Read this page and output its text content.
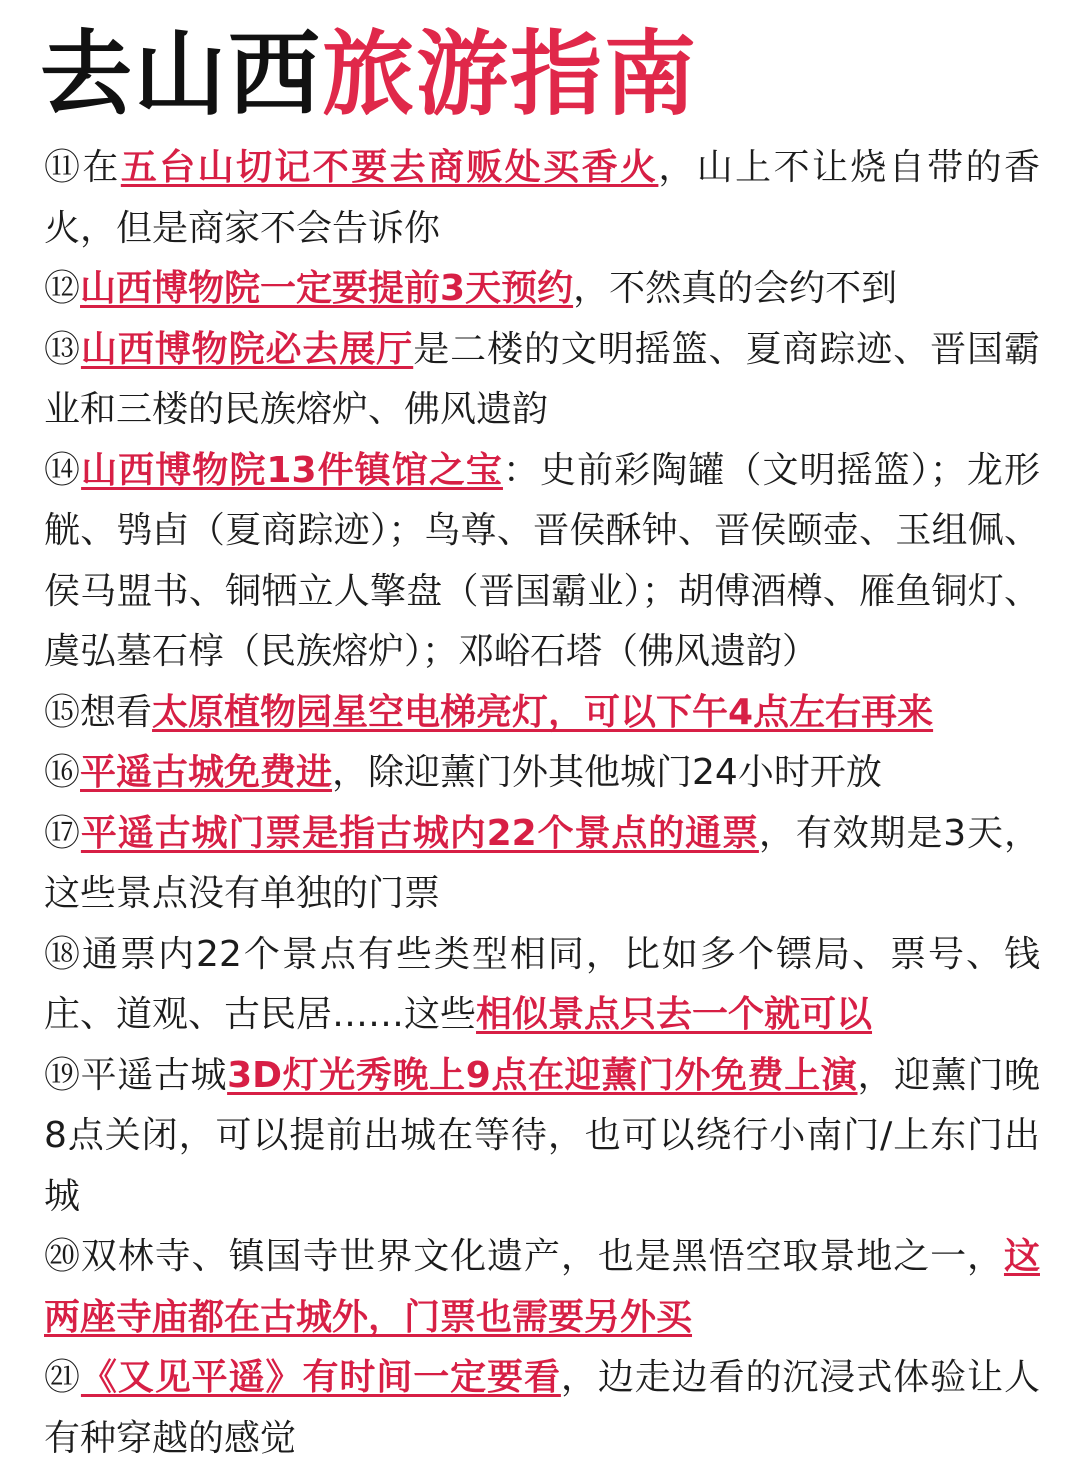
去山西旅游指南
⑪在五台山切记不要去商贩处买香火，山上不让烧自带的香火，但是商家不会告诉你
⑫山西博物院一定要提前3天预约，不然真的会约不到
⑬山西博物院必去展厅是二楼的文明摇篮、夏商踪迹、晋国霸业和三楼的民族熔炉、佛风遗韵
⑭山西博物院13件镇馆之宝：史前彩陶罐（文明摇篮）；龙形觥、鸮卣（夏商踪迹）；鸟尊、晋侯酥钟、晋侯颐壶、玉组佩、侯马盟书、铜牺立人擎盘（晋国霸业）；胡傅酒樽、雁鱼铜灯、虞弘墓石椁（民族熔炉）；邓峪石塔（佛风遗韵）
⑮想看太原植物园星空电梯亮灯，可以下午4点左右再来
⑯平遥古城免费进，除迎薰门外其他城门24小时开放
⑰平遥古城门票是指古城内22个景点的通票，有效期是3天，这些景点没有单独的门票
⑱通票内22个景点有些类型相同，比如多个镖局、票号、钱庄、道观、古民居……这些相似景点只去一个就可以
⑲平遥古城3D灯光秀晚上9点在迎薰门外免费上演，迎薰门晚8点关闭，可以提前出城在等待，也可以绕行小南门/上东门出城
⑳双林寺、镇国寺世界文化遗产，也是黑悟空取景地之一，这两座寺庙都在古城外，门票也需要另外买
㉑《又见平遥》有时间一定要看，边走边看的沉浸式体验让人有种穿越的感觉
